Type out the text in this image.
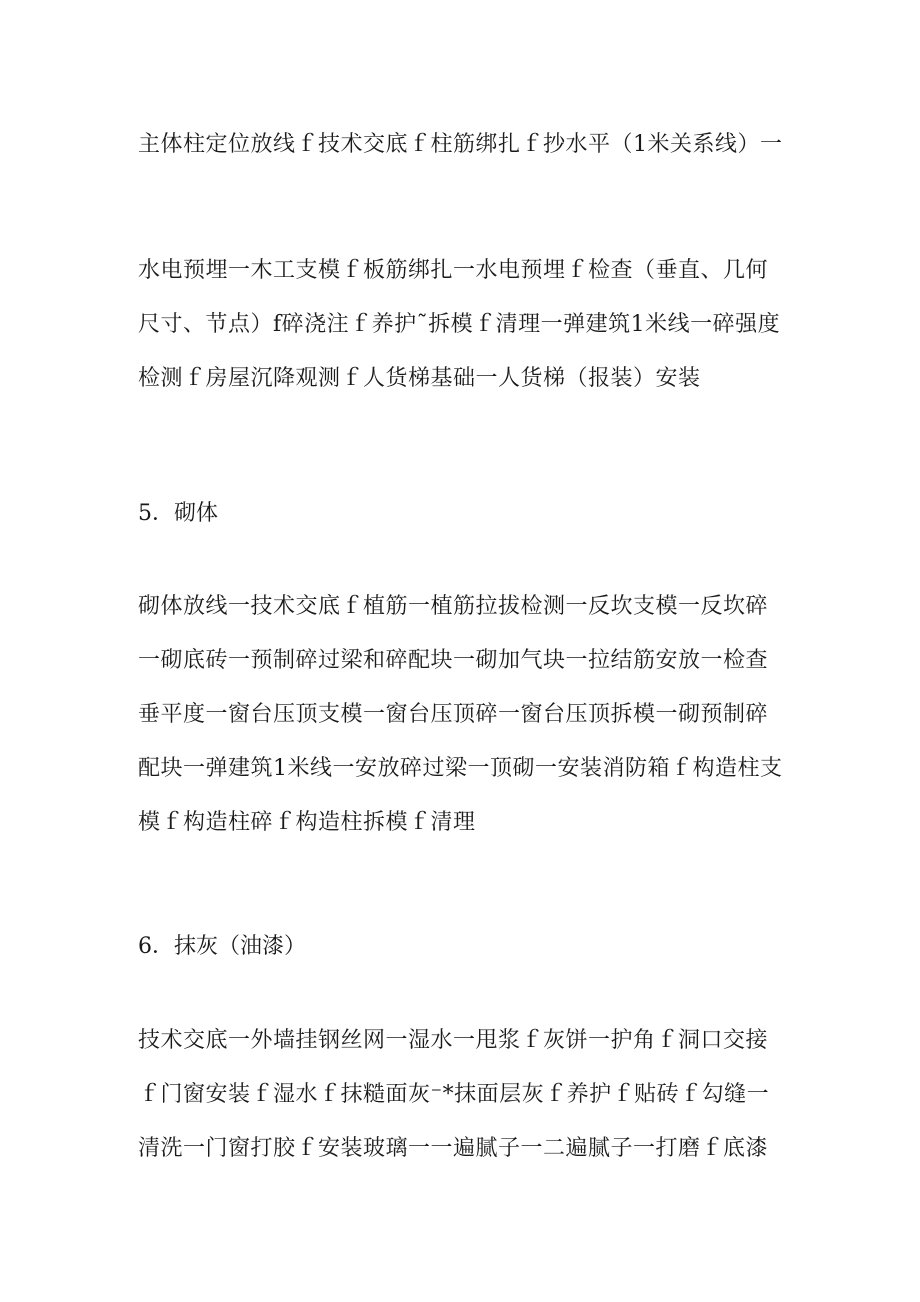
主体柱定位放线ｆ技术交底ｆ柱筋绑扎ｆ抄水平（1米关系线）一

水电预埋一木工支模ｆ板筋绑扎一水电预埋ｆ检查（垂直、几何尺寸、节点）f碎浇注ｆ养护˜拆模ｆ清理一弹建筑1米线一碎强度检测ｆ房屋沉降观测ｆ人货梯基础一人货梯（报装）安装

5．砌体

砌体放线一技术交底ｆ植筋一植筋拉拔检测一反坎支模一反坎碎一砌底砖一预制碎过梁和碎配块一砌加气块一拉结筋安放一检查垂平度一窗台压顶支模一窗台压顶碎一窗台压顶拆模一砌预制碎配块一弹建筑1米线一安放碎过梁一顶砌一安装消防箱ｆ构造柱支模ｆ构造柱碎ｆ构造柱拆模ｆ清理

6．抹灰（油漆）

技术交底一外墙挂钢丝网一湿水一甩浆ｆ灰饼一护角ｆ洞口交接ｆ门窗安装ｆ湿水ｆ抹糙面灰⁻*抹面层灰ｆ养护ｆ贴砖ｆ勾缝一清洗一门窗打胶ｆ安装玻璃一一遍腻子一二遍腻子一打磨ｆ底漆
